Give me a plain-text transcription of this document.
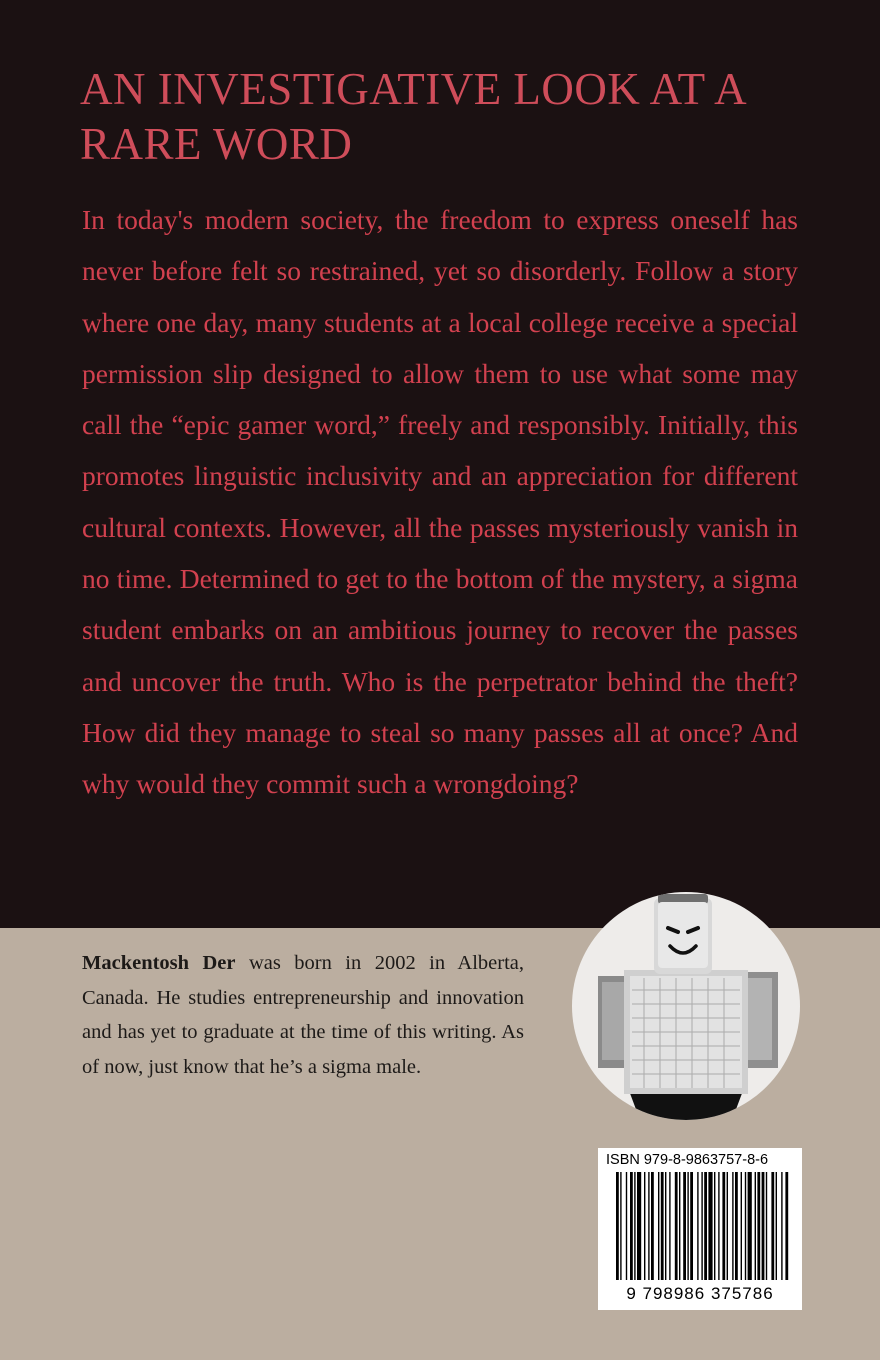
AN INVESTIGATIVE LOOK AT A RARE WORD

In today's modern society, the freedom to express oneself has never before felt so restrained, yet so disorderly. Follow a story where one day, many students at a local college receive a special permission slip designed to allow them to use what some may call the “epic gamer word,” freely and responsibly. Initially, this promotes linguistic inclusivity and an appreciation for different cultural contexts. However, all the passes mysteriously vanish in no time. Determined to get to the bottom of the mystery, a sigma student embarks on an ambitious journey to recover the passes and uncover the truth. Who is the perpetrator behind the theft? How did they manage to steal so many passes all at once? And why would they commit such a wrongdoing?

Mackentosh Der was born in 2002 in Alberta, Canada. He studies entrepreneurship and innovation and has yet to graduate at the time of this writing. As of now, just know that he’s a sigma male.

ISBN 979-8-9863757-8-6

9 798986 375786
